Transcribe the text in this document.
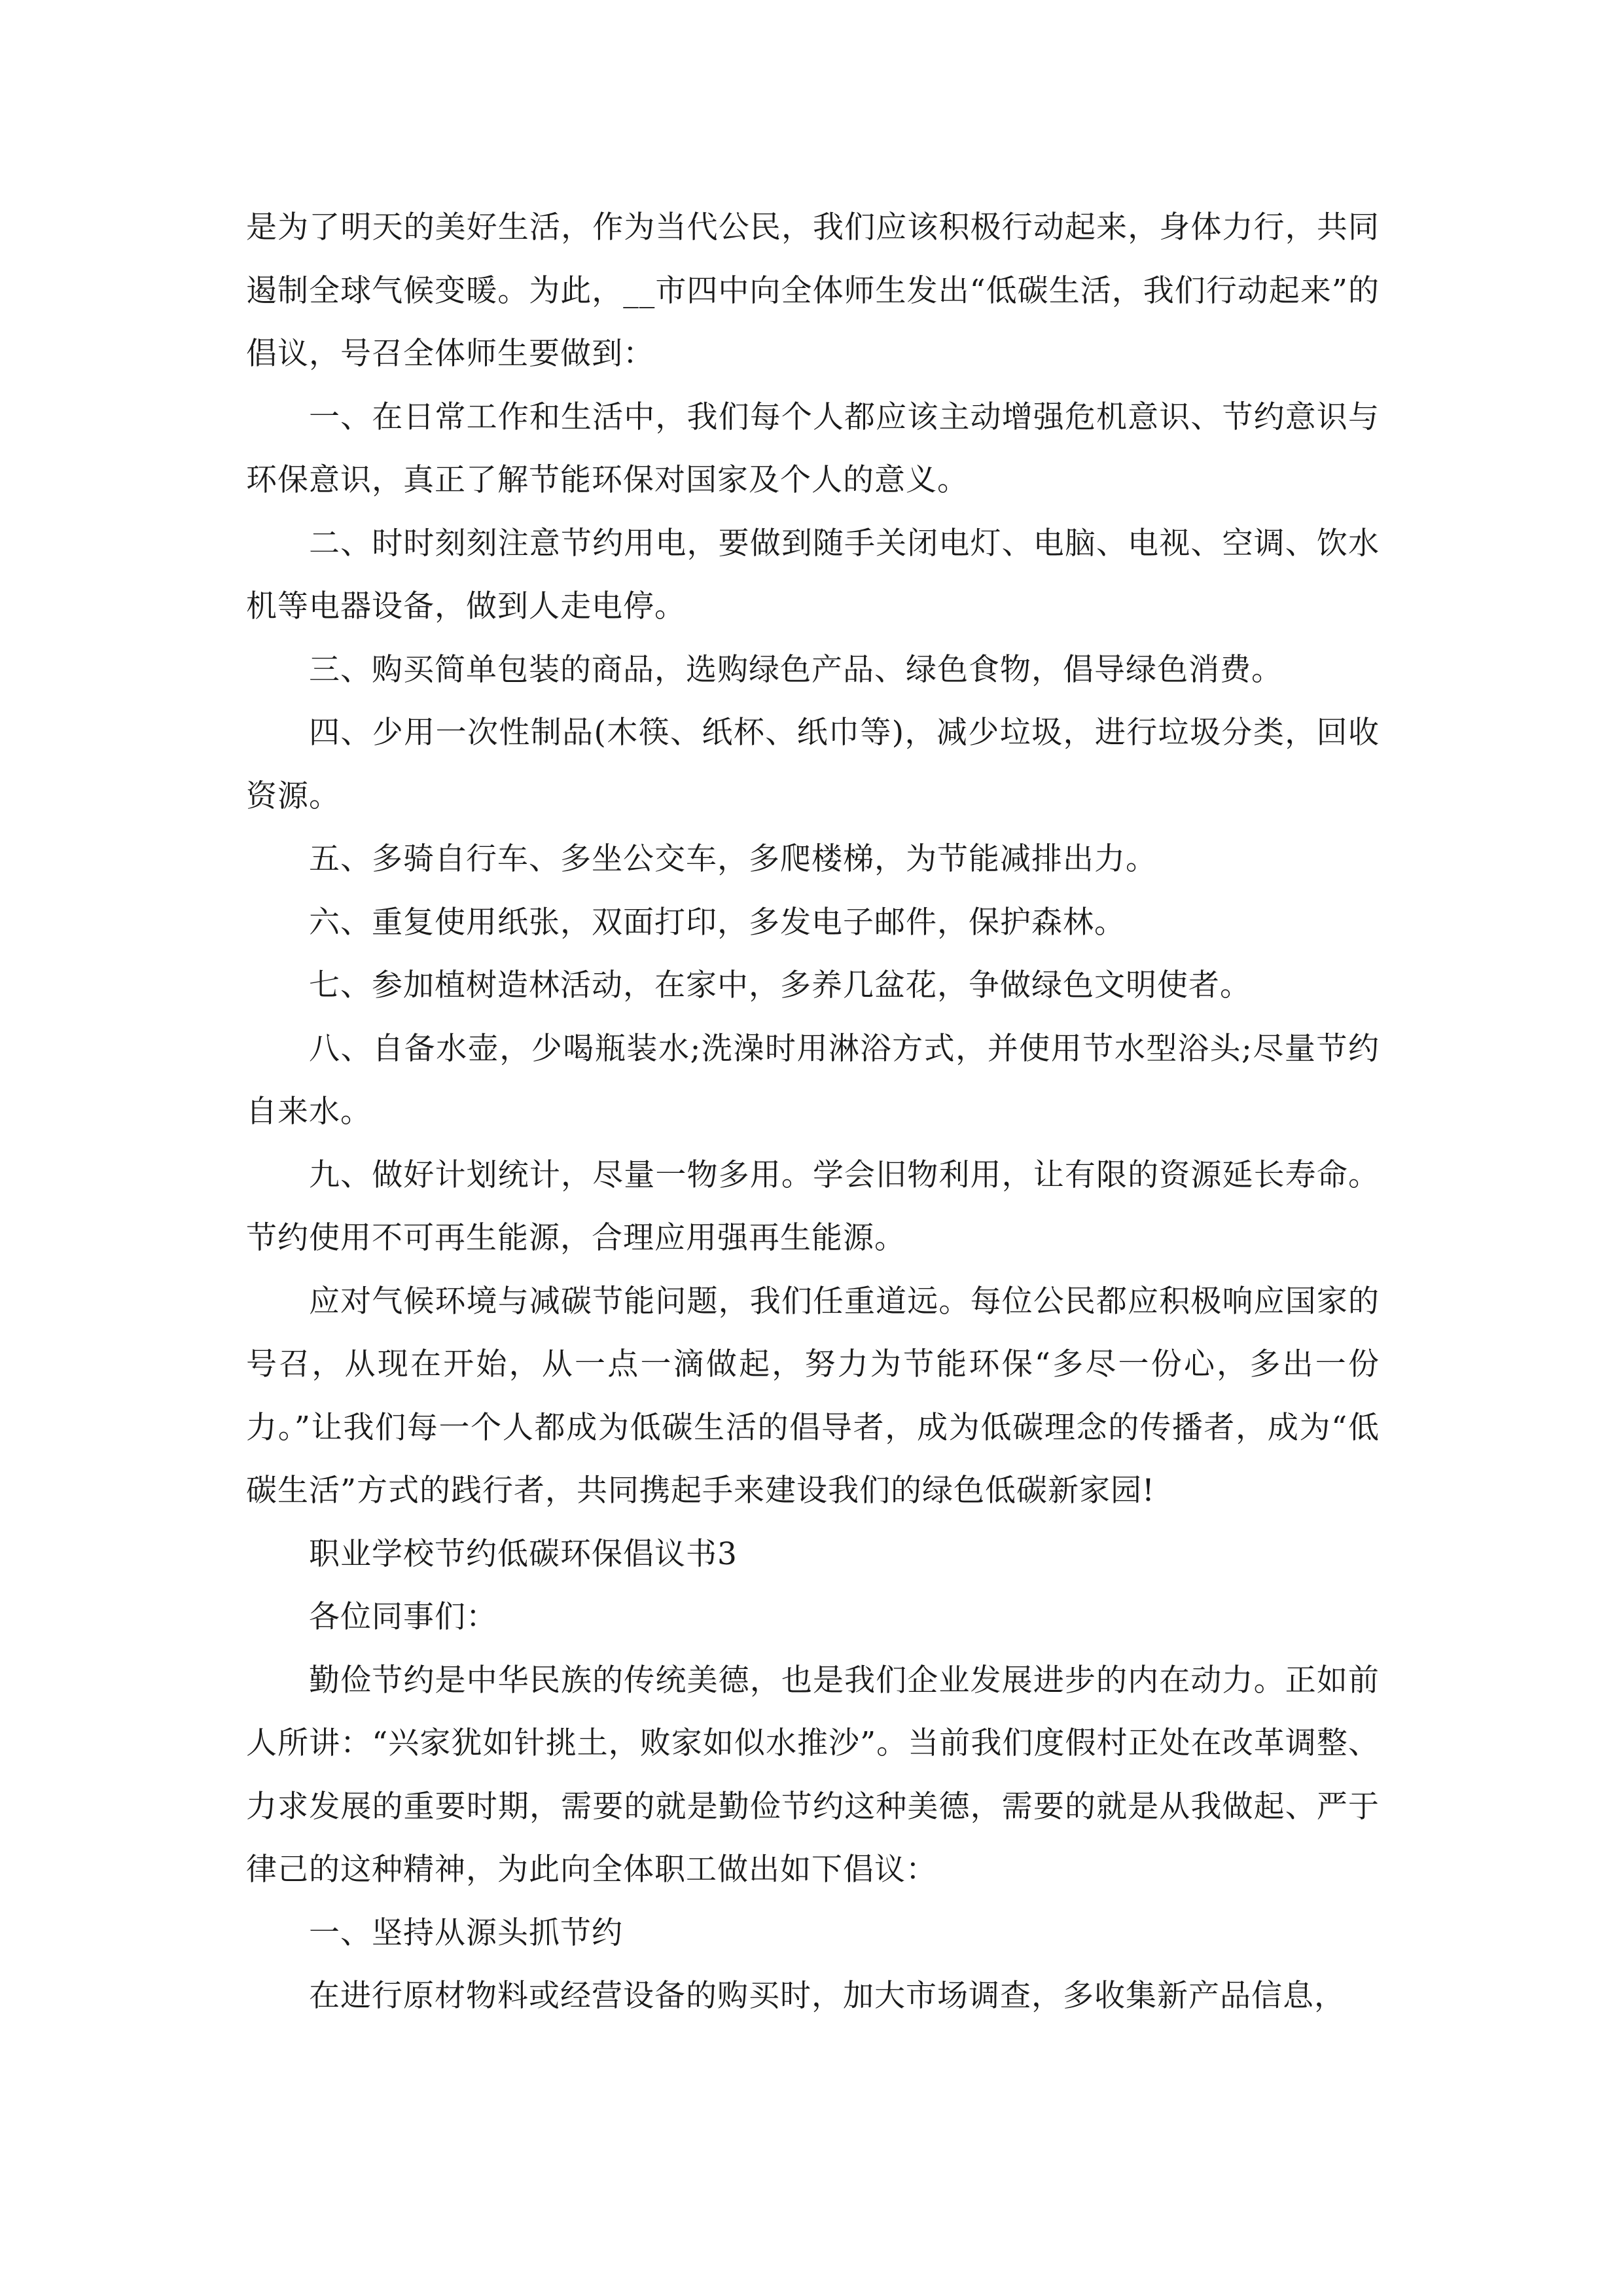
是为了明天的美好生活，作为当代公民，我们应该积极行动起来，身体力行，共同遏制全球气候变暖。为此，__市四中向全体师生发出“低碳生活，我们行动起来”的倡议，号召全体师生要做到：

一、在日常工作和生活中，我们每个人都应该主动增强危机意识、节约意识与环保意识，真正了解节能环保对国家及个人的意义。

二、时时刻刻注意节约用电，要做到随手关闭电灯、电脑、电视、空调、饮水机等电器设备，做到人走电停。

三、购买简单包装的商品，选购绿色产品、绿色食物，倡导绿色消费。

四、少用一次性制品(木筷、纸杯、纸巾等)，减少垃圾，进行垃圾分类，回收资源。

五、多骑自行车、多坐公交车，多爬楼梯，为节能减排出力。

六、重复使用纸张，双面打印，多发电子邮件，保护森林。

七、参加植树造林活动，在家中，多养几盆花，争做绿色文明使者。

八、自备水壶，少喝瓶装水;洗澡时用淋浴方式，并使用节水型浴头;尽量节约自来水。

九、做好计划统计，尽量一物多用。学会旧物利用，让有限的资源延长寿命。节约使用不可再生能源，合理应用强再生能源。

应对气候环境与减碳节能问题，我们任重道远。每位公民都应积极响应国家的号召，从现在开始，从一点一滴做起，努力为节能环保“多尽一份心，多出一份力。”让我们每一个人都成为低碳生活的倡导者，成为低碳理念的传播者，成为“低碳生活”方式的践行者，共同携起手来建设我们的绿色低碳新家园!

职业学校节约低碳环保倡议书3

各位同事们：

勤俭节约是中华民族的传统美德，也是我们企业发展进步的内在动力。正如前人所讲：“兴家犹如针挑土，败家如似水推沙”。当前我们度假村正处在改革调整、力求发展的重要时期，需要的就是勤俭节约这种美德，需要的就是从我做起、严于律己的这种精神，为此向全体职工做出如下倡议：

一、坚持从源头抓节约

在进行原材物料或经营设备的购买时，加大市场调查，多收集新产品信息，
